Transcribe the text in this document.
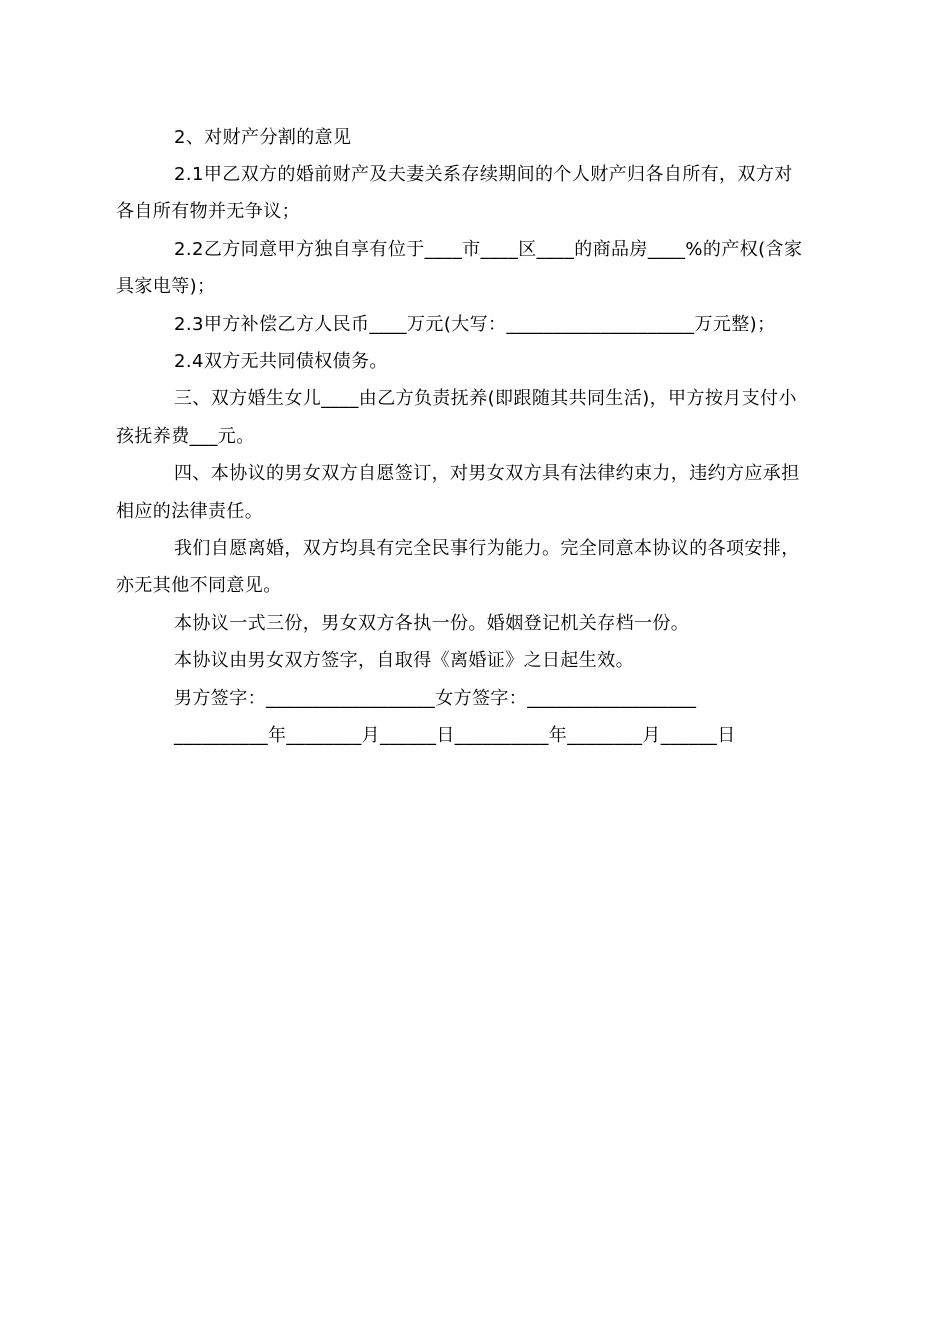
2、对财产分割的意见
2.1甲乙双方的婚前财产及夫妻关系存续期间的个人财产归各自所有，双方对
各自所有物并无争议；
2.2乙方同意甲方独自享有位于____市____区____的商品房____%的产权(含家
具家电等)；
2.3甲方补偿乙方人民币____万元(大写：____________________万元整)；
2.4双方无共同债权债务。
三、双方婚生女儿____由乙方负责抚养(即跟随其共同生活)，甲方按月支付小
孩抚养费___元。
四、本协议的男女双方自愿签订，对男女双方具有法律约束力，违约方应承担
相应的法律责任。
我们自愿离婚，双方均具有完全民事行为能力。完全同意本协议的各项安排，
亦无其他不同意见。
本协议一式三份，男女双方各执一份。婚姻登记机关存档一份。
本协议由男女双方签字，自取得《离婚证》之日起生效。
男方签字：__________________女方签字：__________________
__________年________月______日__________年________月______日
